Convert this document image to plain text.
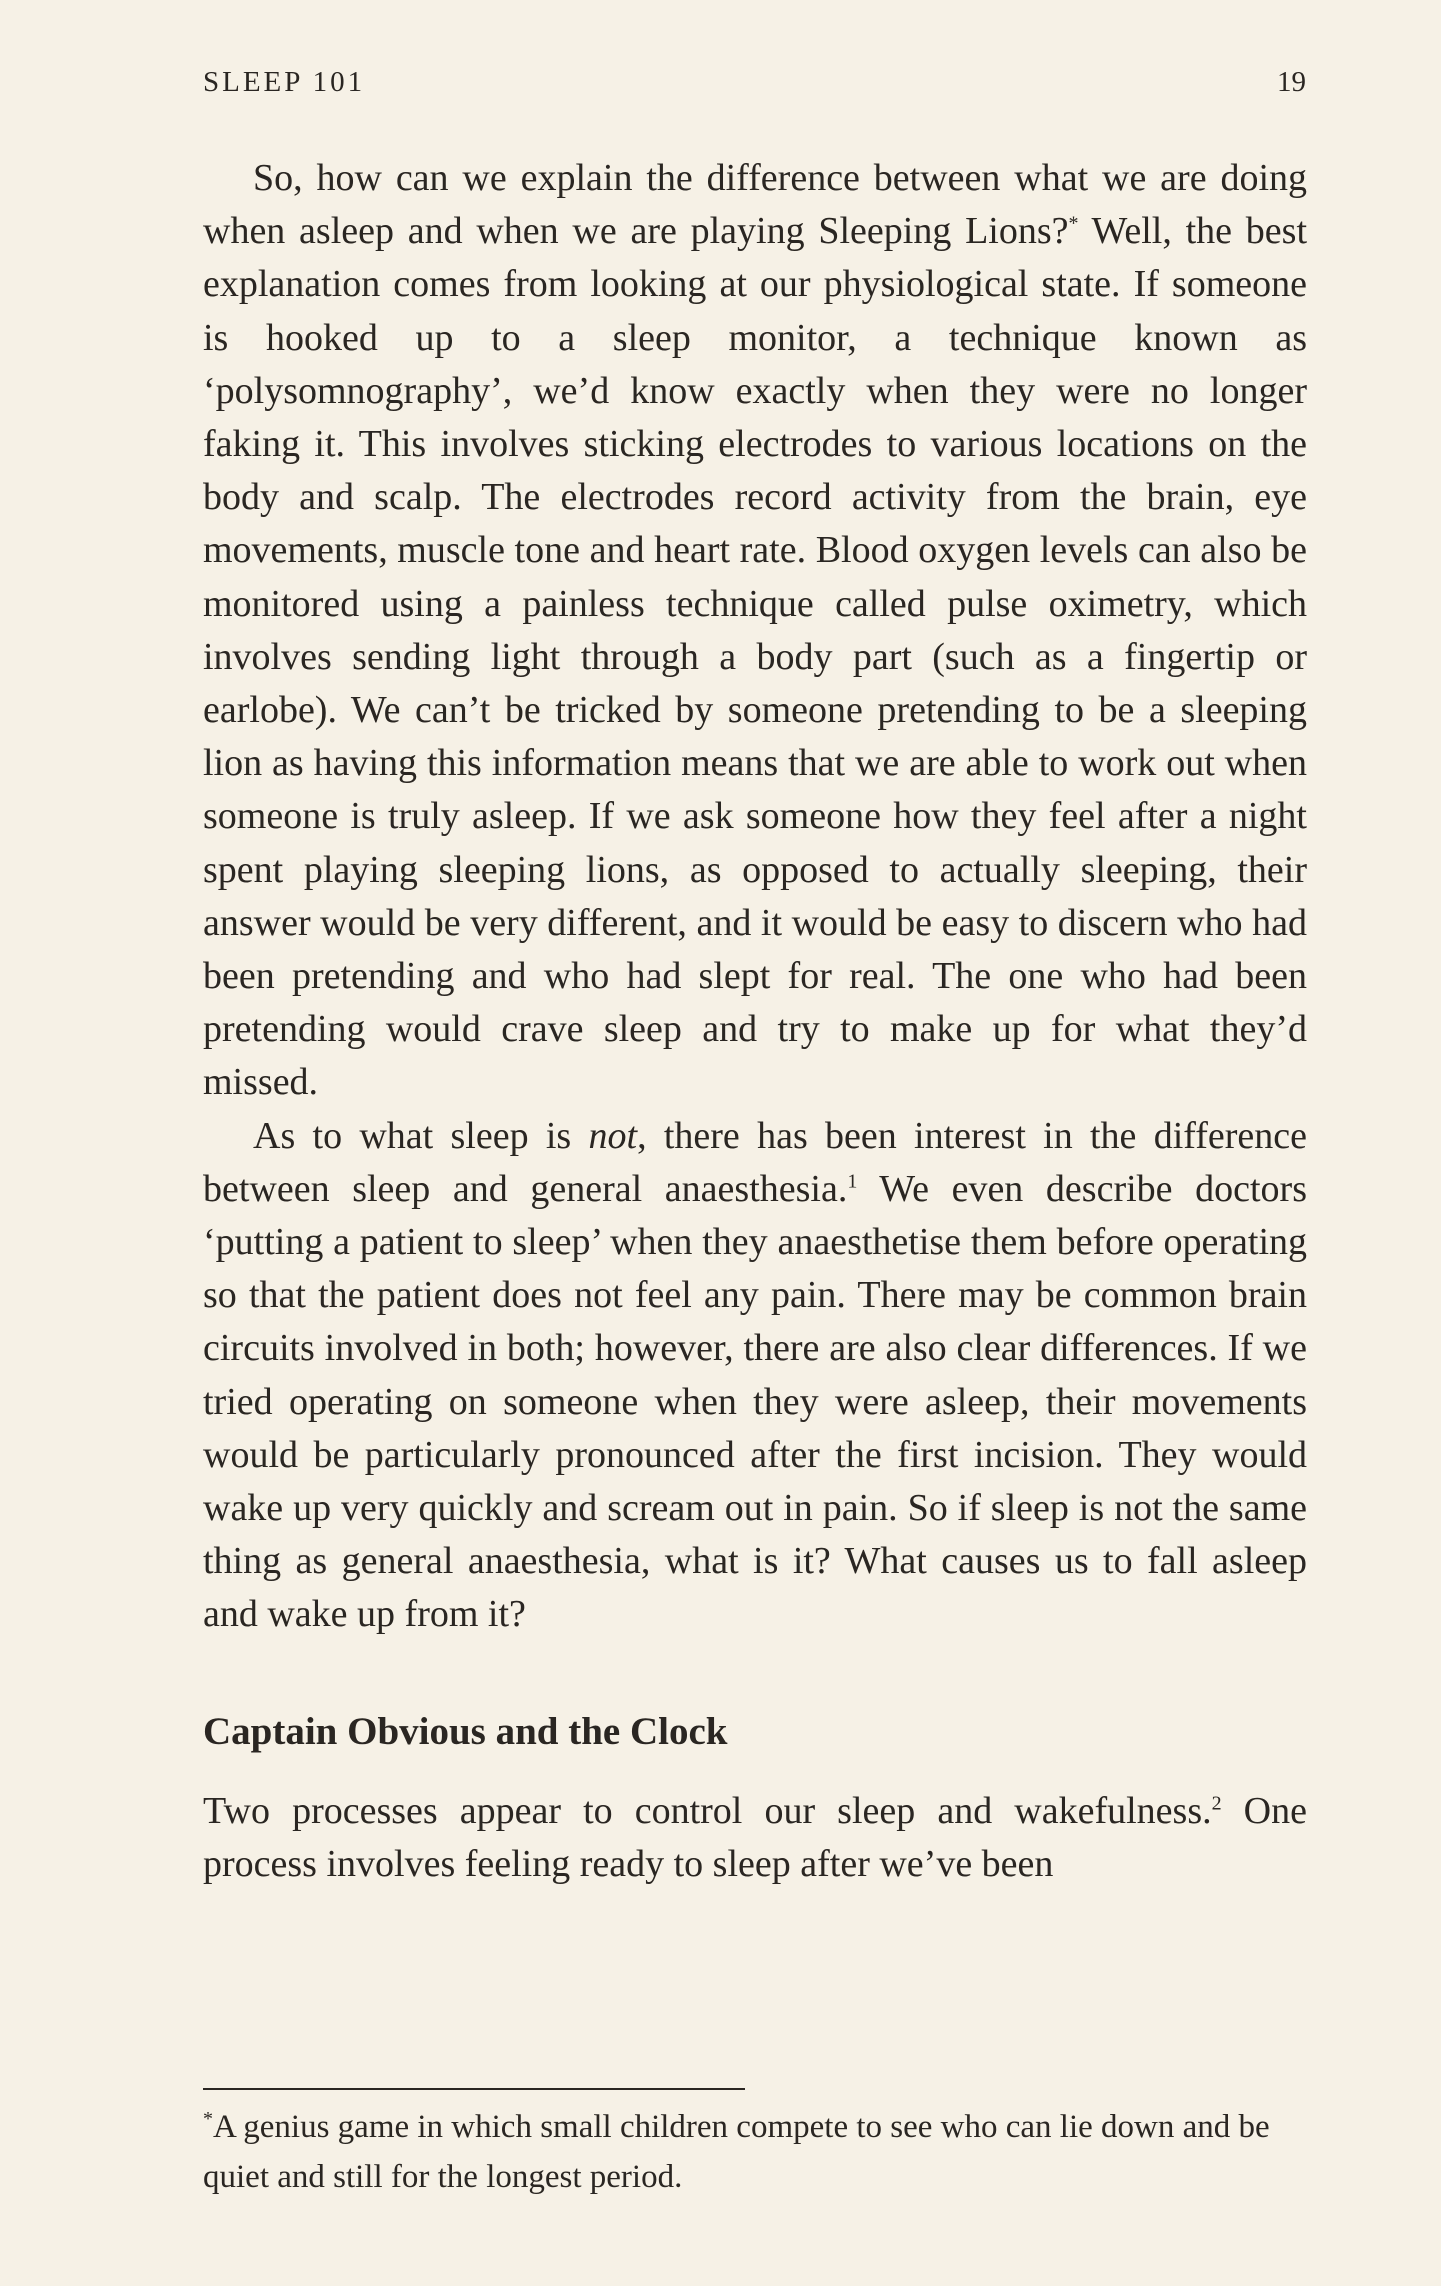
SLEEP 101	19

So, how can we explain the difference between what we are doing when asleep and when we are playing Sleeping Lions?* Well, the best explanation comes from looking at our physiological state. If someone is hooked up to a sleep monitor, a technique known as ‘polysomnography’, we’d know exactly when they were no longer faking it. This involves sticking electrodes to various locations on the body and scalp. The electrodes record activity from the brain, eye movements, muscle tone and heart rate. Blood oxygen levels can also be monitored using a painless technique called pulse oximetry, which involves sending light through a body part (such as a fingertip or earlobe). We can’t be tricked by someone pretending to be a sleeping lion as having this information means that we are able to work out when someone is truly asleep. If we ask someone how they feel after a night spent playing sleeping lions, as opposed to actually sleeping, their answer would be very different, and it would be easy to discern who had been pretending and who had slept for real. The one who had been pretending would crave sleep and try to make up for what they’d missed.

As to what sleep is not, there has been interest in the difference between sleep and general anaesthesia.$^1$ We even describe doctors ‘putting a patient to sleep’ when they anaesthetise them before operating so that the patient does not feel any pain. There may be common brain circuits involved in both; however, there are also clear differences. If we tried operating on someone when they were asleep, their movements would be particularly pronounced after the first incision. They would wake up very quickly and scream out in pain. So if sleep is not the same thing as general anaesthesia, what is it? What causes us to fall asleep and wake up from it?

Captain Obvious and the Clock

Two processes appear to control our sleep and wakefulness.$^2$ One process involves feeling ready to sleep after we’ve been

*A genius game in which small children compete to see who can lie down and be quiet and still for the longest period.
